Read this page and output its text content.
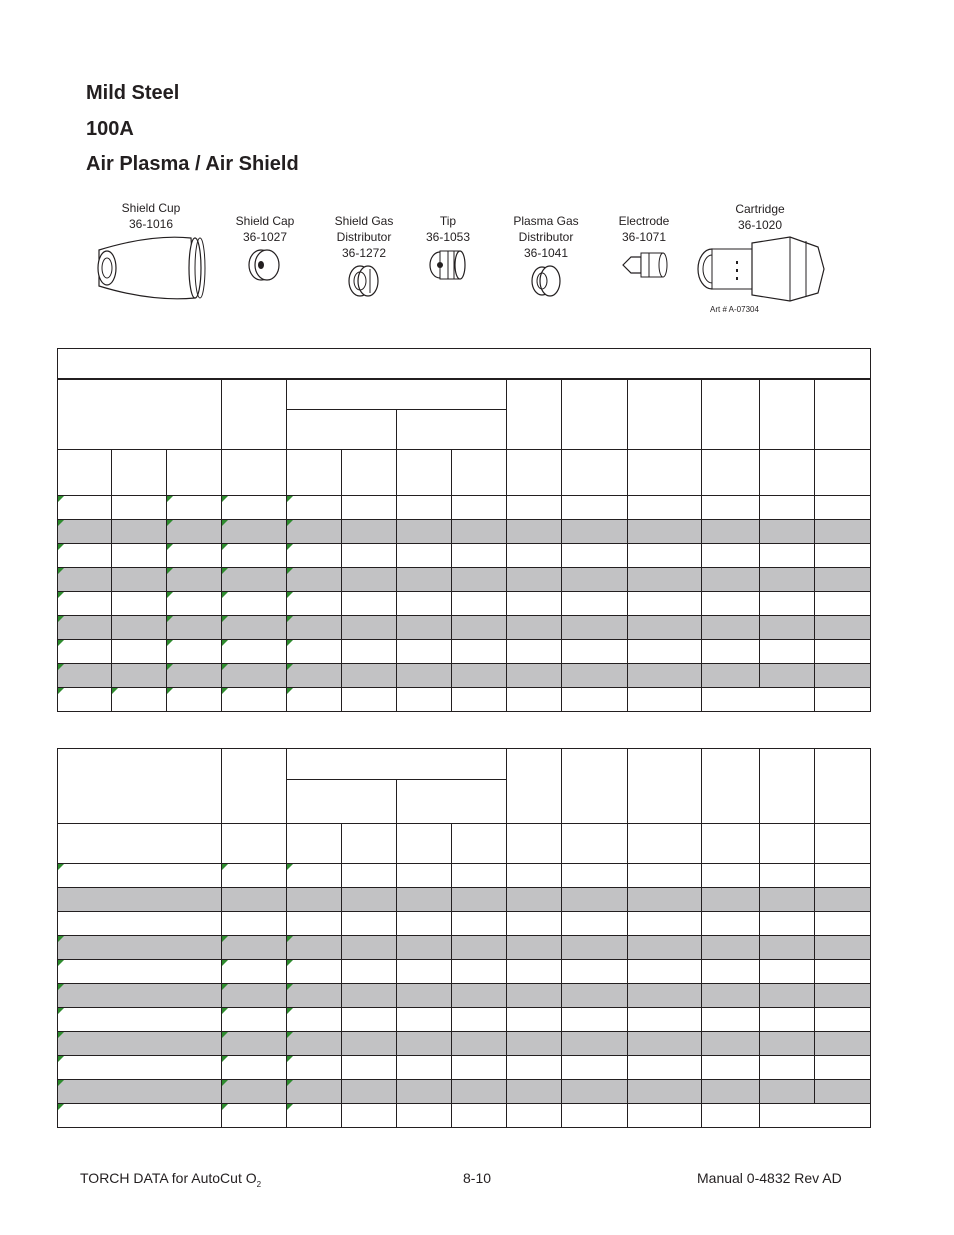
Mild Steel
100A
Air Plasma / Air Shield
Shield Cup
36-1016	Shield Cap
36-1027
Shield Gas Distributor
36-1272
Tip
36-1053
Plasma Gas Distributor
36-1041
Electrode
36-1071
Cartridge
36-1020
Art # A-07304

TORCH DATA for AutoCut $O_2$	8-10	Manual 0-4832 Rev AD
